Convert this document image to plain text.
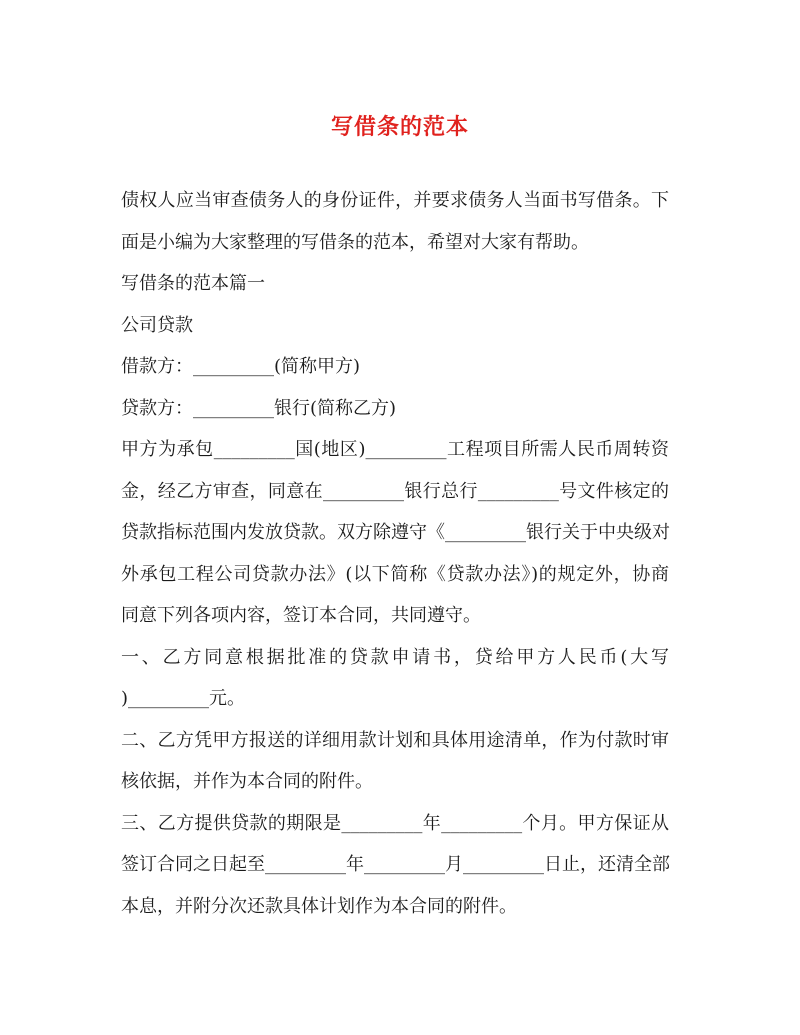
写借条的范本
债权人应当审查债务人的身份证件，并要求债务人当面书写借条。下
面是小编为大家整理的写借条的范本，希望对大家有帮助。
写借条的范本篇一
公司贷款
借款方：_________(简称甲方)
贷款方：_________银行(简称乙方)
甲方为承包_________国(地区)_________工程项目所需人民币周转资
金，经乙方审查，同意在_________银行总行_________号文件核定的
贷款指标范围内发放贷款。双方除遵守《_________银行关于中央级对
外承包工程公司贷款办法》(以下简称《贷款办法》)的规定外，协商
同意下列各项内容，签订本合同，共同遵守。
一、乙方同意根据批准的贷款申请书，贷给甲方人民币(大写
)_________元。
二、乙方凭甲方报送的详细用款计划和具体用途清单，作为付款时审
核依据，并作为本合同的附件。
三、乙方提供贷款的期限是_________年_________个月。甲方保证从
签订合同之日起至_________年_________月_________日止，还清全部
本息，并附分次还款具体计划作为本合同的附件。
